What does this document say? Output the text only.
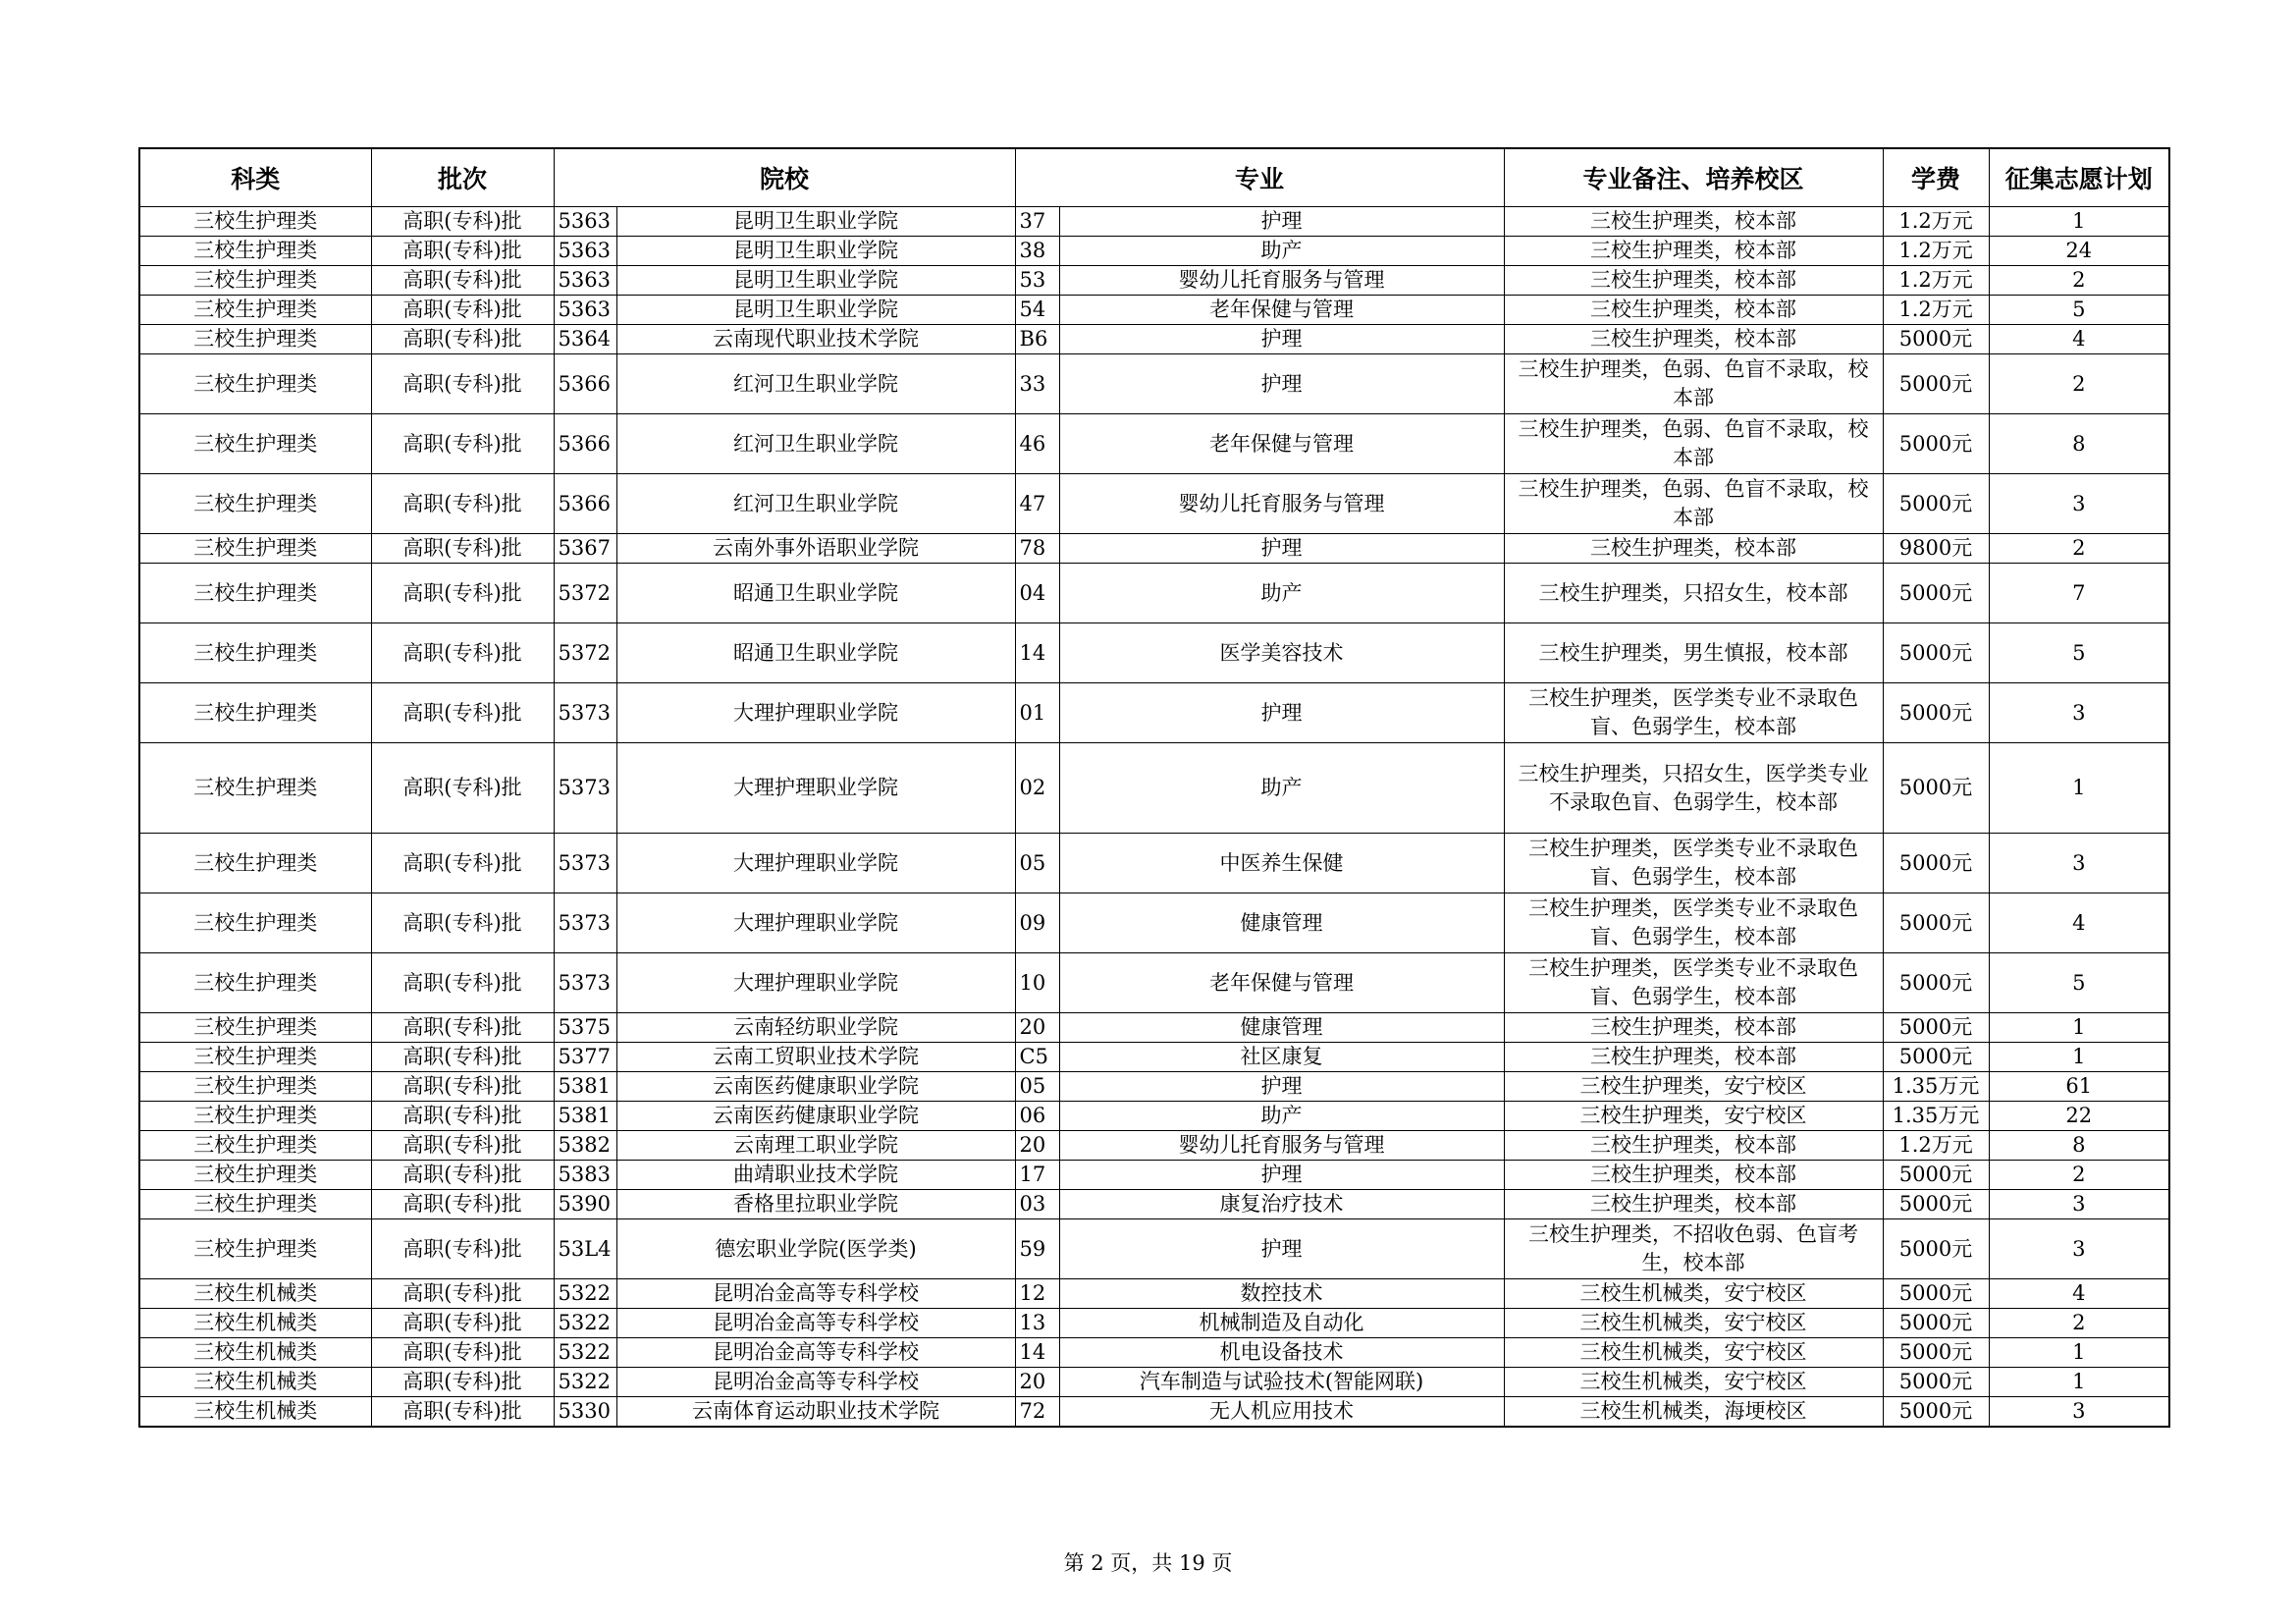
科类	批次	院校		专业		专业备注、培养校区	学费	征集志愿计划
三校生护理类	高职(专科)批	5363	昆明卫生职业学院	37	护理	三校生护理类，校本部	1.2万元	1
三校生护理类	高职(专科)批	5363	昆明卫生职业学院	38	助产	三校生护理类，校本部	1.2万元	24
三校生护理类	高职(专科)批	5363	昆明卫生职业学院	53	婴幼儿托育服务与管理	三校生护理类，校本部	1.2万元	2
三校生护理类	高职(专科)批	5363	昆明卫生职业学院	54	老年保健与管理	三校生护理类，校本部	1.2万元	5
三校生护理类	高职(专科)批	5364	云南现代职业技术学院	B6	护理	三校生护理类，校本部	5000元	4
三校生护理类	高职(专科)批	5366	红河卫生职业学院	33	护理	三校生护理类，色弱、色盲不录取，校本部	5000元	2
三校生护理类	高职(专科)批	5366	红河卫生职业学院	46	老年保健与管理	三校生护理类，色弱、色盲不录取，校本部	5000元	8
三校生护理类	高职(专科)批	5366	红河卫生职业学院	47	婴幼儿托育服务与管理	三校生护理类，色弱、色盲不录取，校本部	5000元	3
三校生护理类	高职(专科)批	5367	云南外事外语职业学院	78	护理	三校生护理类，校本部	9800元	2
三校生护理类	高职(专科)批	5372	昭通卫生职业学院	04	助产	三校生护理类，只招女生，校本部	5000元	7
三校生护理类	高职(专科)批	5372	昭通卫生职业学院	14	医学美容技术	三校生护理类，男生慎报，校本部	5000元	5
三校生护理类	高职(专科)批	5373	大理护理职业学院	01	护理	三校生护理类，医学类专业不录取色盲、色弱学生，校本部	5000元	3
三校生护理类	高职(专科)批	5373	大理护理职业学院	02	助产	三校生护理类，只招女生，医学类专业不录取色盲、色弱学生，校本部	5000元	1
三校生护理类	高职(专科)批	5373	大理护理职业学院	05	中医养生保健	三校生护理类，医学类专业不录取色盲、色弱学生，校本部	5000元	3
三校生护理类	高职(专科)批	5373	大理护理职业学院	09	健康管理	三校生护理类，医学类专业不录取色盲、色弱学生，校本部	5000元	4
三校生护理类	高职(专科)批	5373	大理护理职业学院	10	老年保健与管理	三校生护理类，医学类专业不录取色盲、色弱学生，校本部	5000元	5
三校生护理类	高职(专科)批	5375	云南轻纺职业学院	20	健康管理	三校生护理类，校本部	5000元	1
三校生护理类	高职(专科)批	5377	云南工贸职业技术学院	C5	社区康复	三校生护理类，校本部	5000元	1
三校生护理类	高职(专科)批	5381	云南医药健康职业学院	05	护理	三校生护理类，安宁校区	1.35万元	61
三校生护理类	高职(专科)批	5381	云南医药健康职业学院	06	助产	三校生护理类，安宁校区	1.35万元	22
三校生护理类	高职(专科)批	5382	云南理工职业学院	20	婴幼儿托育服务与管理	三校生护理类，校本部	1.2万元	8
三校生护理类	高职(专科)批	5383	曲靖职业技术学院	17	护理	三校生护理类，校本部	5000元	2
三校生护理类	高职(专科)批	5390	香格里拉职业学院	03	康复治疗技术	三校生护理类，校本部	5000元	3
三校生护理类	高职(专科)批	53L4	德宏职业学院(医学类)	59	护理	三校生护理类，不招收色弱、色盲考生，校本部	5000元	3
三校生机械类	高职(专科)批	5322	昆明冶金高等专科学校	12	数控技术	三校生机械类，安宁校区	5000元	4
三校生机械类	高职(专科)批	5322	昆明冶金高等专科学校	13	机械制造及自动化	三校生机械类，安宁校区	5000元	2
三校生机械类	高职(专科)批	5322	昆明冶金高等专科学校	14	机电设备技术	三校生机械类，安宁校区	5000元	1
三校生机械类	高职(专科)批	5322	昆明冶金高等专科学校	20	汽车制造与试验技术(智能网联)	三校生机械类，安宁校区	5000元	1
三校生机械类	高职(专科)批	5330	云南体育运动职业技术学院	72	无人机应用技术	三校生机械类，海埂校区	5000元	3
第 2 页，共 19 页
